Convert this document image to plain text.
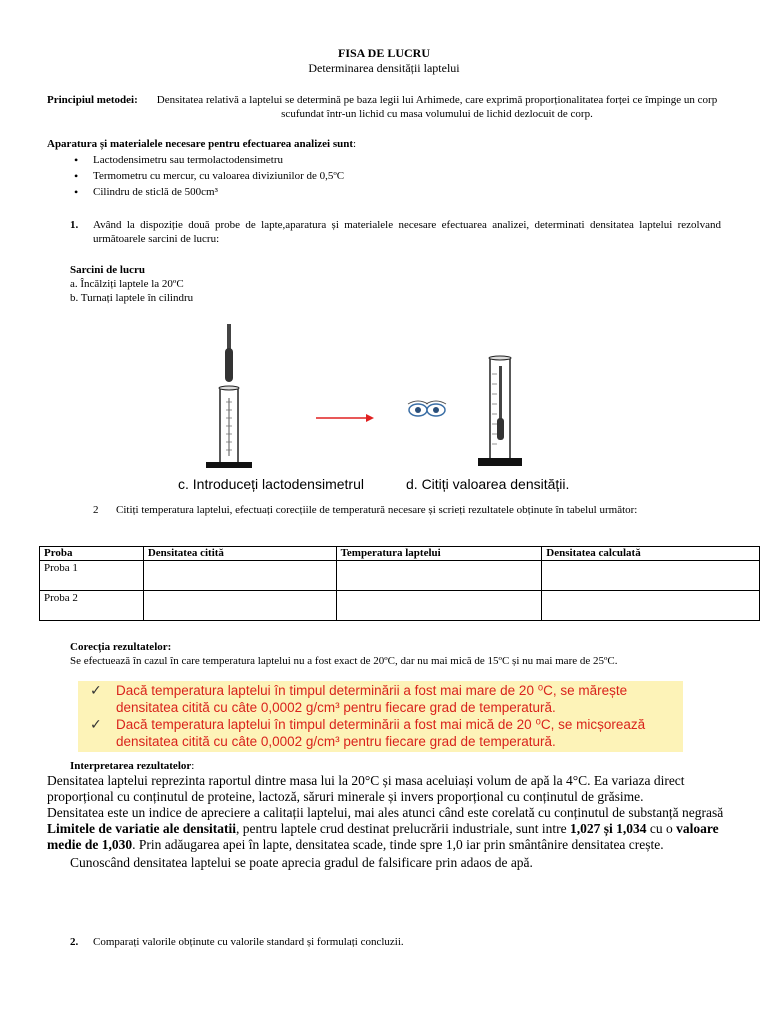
FISA DE LUCRU
Determinarea densității laptelui
Principiul metodei:	Densitatea relativă a laptelui se determină pe baza legii lui Arhimede, care exprimă proporționalitatea forței ce împinge un corp scufundat într-un lichid cu masa volumului de lichid dezlocuit de corp.
Aparatura și materialele necesare pentru efectuarea analizei sunt:
• Lactodensimetru sau termolactodensimetru
• Termometru cu mercur, cu valoarea diviziunilor de 0,5ºC
• Cilindru de sticlă de 500cm³
1. Având la dispoziție două probe de lapte,aparatura și materialele necesare efectuarea analizei, determinati densitatea laptelui rezolvand următoarele sarcini de lucru:
Sarcini de lucru
a. Încălziți laptele la 20ºC
b. Turnați laptele în cilindru
c. Introduceți lactodensimetrul	d. Citiți valoarea densității.
2 Citiți temperatura laptelui, efectuați corecțiile de temperatură necesare și scrieți rezultatele obținute în tabelul următor:
Proba	Densitatea citită	Temperatura laptelui	Densitatea calculată
Proba 1			
Proba 2			
Corecția rezultatelor:
Se efectuează în cazul în care temperatura laptelui nu a fost exact de 20ºC, dar nu mai mică de 15ºC și nu mai mare de 25ºC.
✓ Dacă temperatura laptelui în timpul determinării a fost mai mare de 20 ⁰C, se mărește densitatea citită cu câte 0,0002 g/cm³ pentru fiecare grad de temperatură.
✓ Dacă temperatura laptelui în timpul determinării a fost mai mică de 20 ⁰C, se micșorează densitatea citită cu câte 0,0002 g/cm³ pentru fiecare grad de temperatură.
Interpretarea rezultatelor:
Densitatea laptelui reprezinta raportul dintre masa lui la 20°C și masa aceluiași volum de apă la 4°C. Ea variaza direct proporțional cu conținutul de proteine, lactoză, săruri minerale și invers proporțional cu conținutul de grăsime.
Densitatea este un indice de apreciere a calitații laptelui, mai ales atunci când este corelată cu conținutul de substanță negrasă
Limitele de variatie ale densitatii, pentru laptele crud destinat prelucrării industriale, sunt intre 1,027 și 1,034 cu o valoare medie de 1,030. Prin adăugarea apei în lapte, densitatea scade, tinde spre 1,0 iar prin smântânire densitatea crește.
Cunoscând densitatea laptelui se poate aprecia gradul de falsificare prin adaos de apă.
2. Comparați valorile obținute cu valorile standard și formulați concluzii.
